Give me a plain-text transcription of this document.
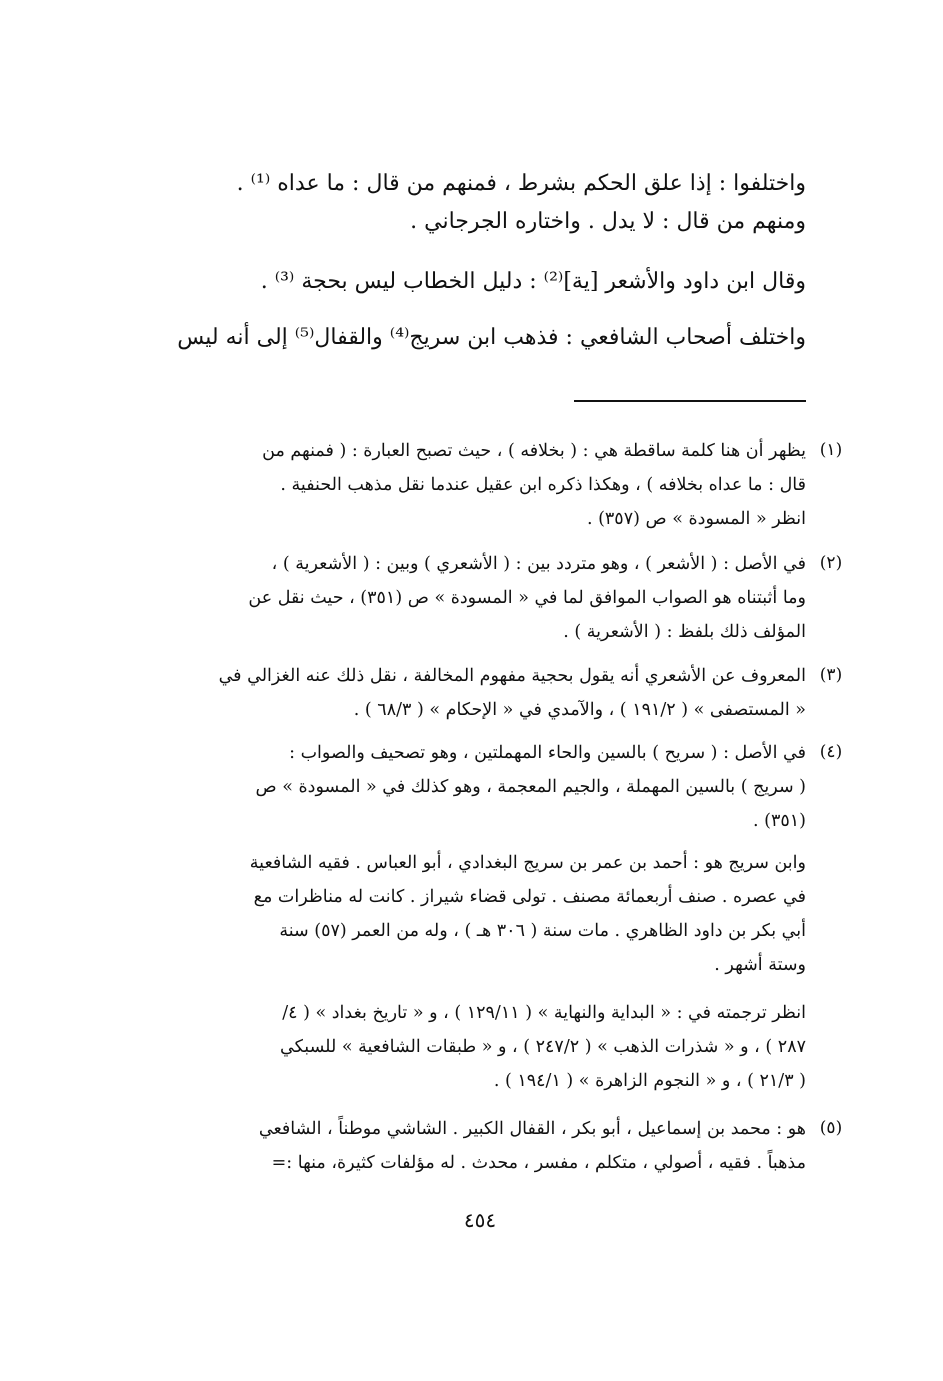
واختلفوا : إذا علق الحكم بشرط ، فمنهم من قال : ما عداه ⁽¹⁾ .
ومنهم من قال : لا يدل . واختاره الجرجاني .
وقال ابن داود والأشعر [ية]⁽²⁾ : دليل الخطاب ليس بحجة ⁽³⁾ .
واختلف أصحاب الشافعي : فذهب ابن سريج⁽⁴⁾ والقفال⁽⁵⁾ إلى أنه ليس
(١)
يظهر أن هنا كلمة ساقطة هي : ( بخلافه ) ، حيث تصبح العبارة : ( فمنهم من
قال : ما عداه بخلافه ) ، وهكذا ذكره ابن عقيل عندما نقل مذهب الحنفية .
انظر « المسودة » ص (٣٥٧) .
(٢)
في الأصل : ( الأشعر ) ، وهو متردد بين : ( الأشعري ) وبين : ( الأشعرية ) ،
وما أثبتناه هو الصواب الموافق لما في « المسودة » ص (٣٥١) ، حيث نقل عن
المؤلف ذلك بلفظ : ( الأشعرية ) .
(٣)
المعروف عن الأشعري أنه يقول بحجية مفهوم المخالفة ، نقل ذلك عنه الغزالي في
« المستصفى » ( ١٩١/٢ ) ، والآمدي في « الإحكام » ( ٦٨/٣ ) .
(٤)
في الأصل : ( سريح ) بالسين والحاء المهملتين ، وهو تصحيف والصواب :
( سريج ) بالسين المهملة ، والجيم المعجمة ، وهو كذلك في « المسودة » ص
(٣٥١) .
وابن سريج هو : أحمد بن عمر بن سريج البغدادي ، أبو العباس . فقيه الشافعية
في عصره . صنف أربعمائة مصنف . تولى قضاء شيراز . كانت له مناظرات مع
أبي بكر بن داود الظاهري . مات سنة ( ٣٠٦ هـ ) ، وله من العمر (٥٧) سنة
وستة أشهر .
انظر ترجمته في : « البداية والنهاية » ( ١٢٩/١١ ) ، و « تاريخ بغداد » ( ٤/
٢٨٧ ) ، و « شذرات الذهب » ( ٢٤٧/٢ ) ، و « طبقات الشافعية » للسبكي
( ٢١/٣ ) ، و « النجوم الزاهرة » ( ١٩٤/١ ) .
(٥)
هو : محمد بن إسماعيل ، أبو بكر ، القفال الكبير . الشاشي موطناً ، الشافعي
مذهباً . فقيه ، أصولي ، متكلم ، مفسر ، محدث . له مؤلفات كثيرة، منها :=
٤٥٤
